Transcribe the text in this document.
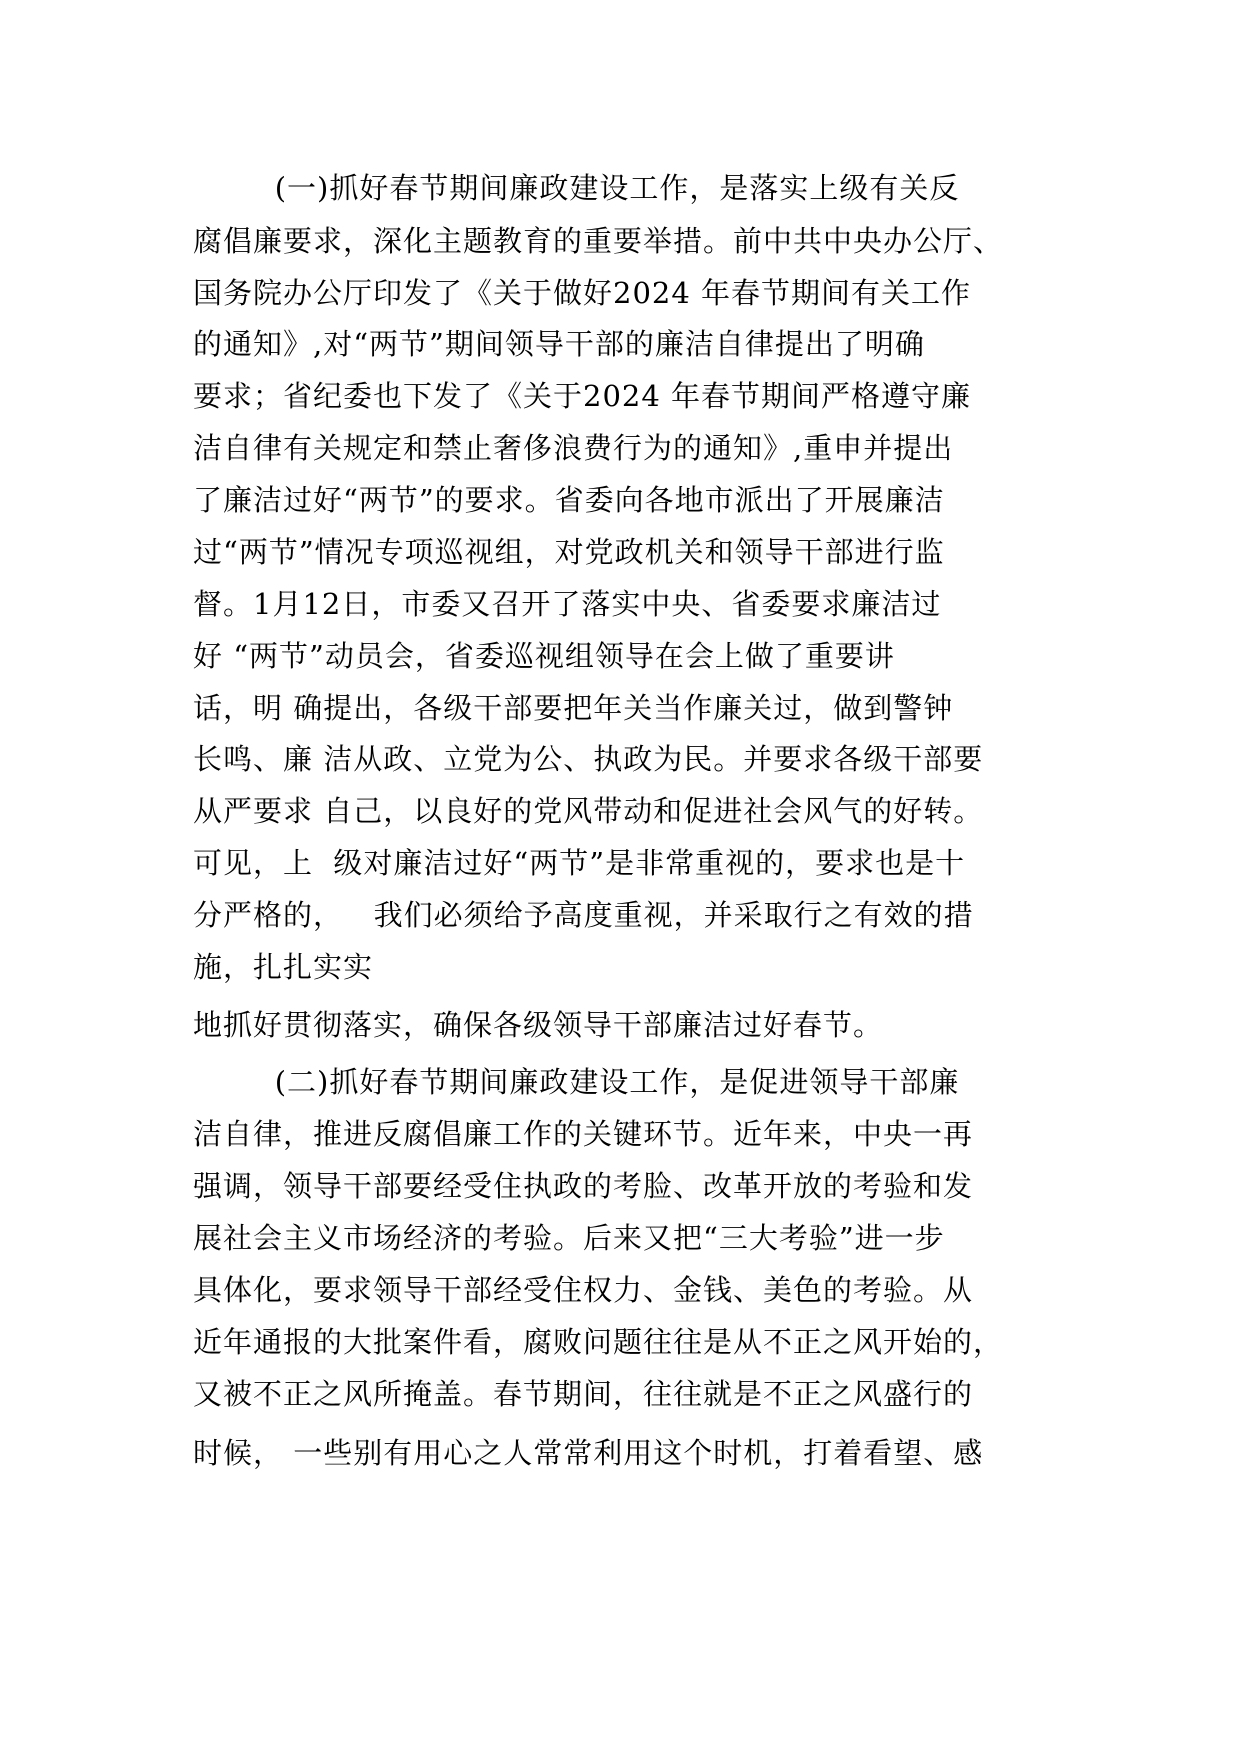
(一)抓好春节期间廉政建设工作，是落实上级有关反
腐倡廉要求，深化主题教育的重要举措。前中共中央办公厅、
国务院办公厅印发了《关于做好2024 年春节期间有关工作
的通知》,对“两节”期间领导干部的廉洁自律提出了明确
要求；省纪委也下发了《关于2024 年春节期间严格遵守廉
洁自律有关规定和禁止奢侈浪费行为的通知》,重申并提出
了廉洁过好“两节”的要求。省委向各地市派出了开展廉洁
过“两节”情况专项巡视组，对党政机关和领导干部进行监
督。1月12日，市委又召开了落实中央、省委要求廉洁过
好 “两节”动员会，省委巡视组领导在会上做了重要讲
话，明 确提出，各级干部要把年关当作廉关过，做到警钟
长鸣、廉 洁从政、立党为公、执政为民。并要求各级干部要
从严要求 自己，以良好的党风带动和促进社会风气的好转。
可见，上  级对廉洁过好“两节”是非常重视的，要求也是十
分严格的，   我们必须给予高度重视，并采取行之有效的措
施，扎扎实实
地抓好贯彻落实，确保各级领导干部廉洁过好春节。
(二)抓好春节期间廉政建设工作，是促进领导干部廉
洁自律，推进反腐倡廉工作的关键环节。近年来，中央一再
强调，领导干部要经受住执政的考脸、改革开放的考验和发
展社会主义市场经济的考验。后来又把“三大考验”进一步
具体化，要求领导干部经受住权力、金钱、美色的考验。从
近年通报的大批案件看，腐败问题往往是从不正之风开始的，
又被不正之风所掩盖。春节期间，往往就是不正之风盛行的
时候， 一些别有用心之人常常利用这个时机，打着看望、感
